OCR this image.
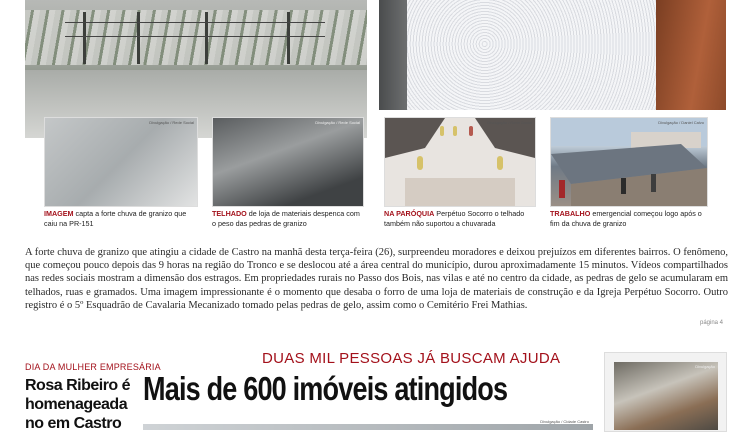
Divulgação / Rede Social	Divulgação / Rede Social	Divulgação / Rede Social	Divulgação / Daniel Calvo
IMAGEM capta a forte chuva de granizo que caiu na PR-151
TELHADO de loja de materiais despenca com o peso das pedras de granizo
NA PARÓQUIA Perpétuo Socorro o telhado também não suportou a chuvarada
TRABALHO emergencial começou logo após o fim da chuva de granizo

A forte chuva de granizo que atingiu a cidade de Castro na manhã desta terça-feira (26), surpreendeu moradores e deixou prejuízos em diferentes bairros. O fenômeno, que começou pouco depois das 9 horas na região do Tronco e se deslocou até a área central do município, durou aproximadamente 15 minutos. Vídeos compartilhados nas redes sociais mostram a dimensão dos estragos. Em propriedades rurais no Passo dos Bois, nas vilas e até no centro da cidade, as pedras de gelo se acumularam em telhados, ruas e gramados. Uma imagem impressionante é o momento que desaba o forro de uma loja de materiais de construção e da Igreja Perpétuo Socorro. Outro registro é o 5º Esquadrão de Cavalaria Mecanizado tomado pelas pedras de gelo, assim como o Cemitério Frei Mathias.

página 4
DIA DA MULHER EMPRESÁRIA
Rosa Ribeiro é homenageada no em Castro
DUAS MIL PESSOAS JÁ BUSCAM AJUDA
Mais de 600 imóveis atingidos
Divulgação / Cidade Castro
Divulgação
